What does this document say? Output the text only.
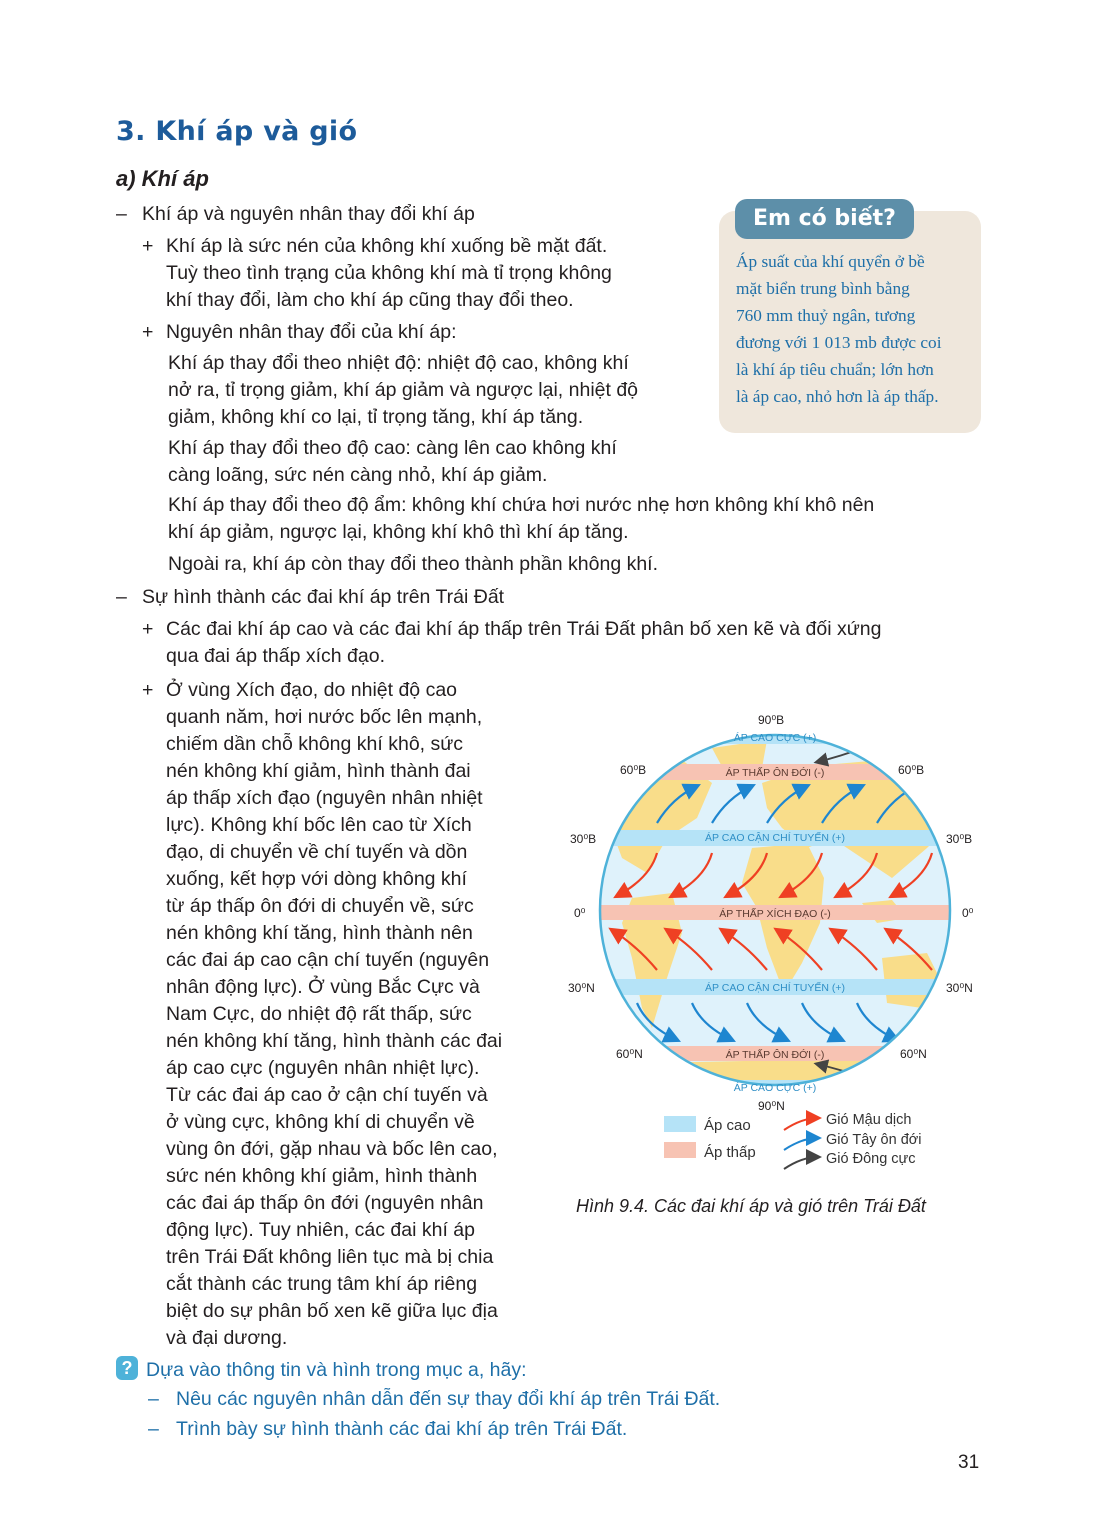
3. Khí áp và gió
a) Khí áp
– Khí áp và nguyên nhân thay đổi khí áp
+ Khí áp là sức nén của không khí xuống bề mặt đất.
Tuỳ theo tình trạng của không khí mà tỉ trọng không
khí thay đổi, làm cho khí áp cũng thay đổi theo.
+ Nguyên nhân thay đổi của khí áp:
Khí áp thay đổi theo nhiệt độ: nhiệt độ cao, không khí
nở ra, tỉ trọng giảm, khí áp giảm và ngược lại, nhiệt độ
giảm, không khí co lại, tỉ trọng tăng, khí áp tăng.
Khí áp thay đổi theo độ cao: càng lên cao không khí
càng loãng, sức nén càng nhỏ, khí áp giảm.
Khí áp thay đổi theo độ ẩm: không khí chứa hơi nước nhẹ hơn không khí khô nên
khí áp giảm, ngược lại, không khí khô thì khí áp tăng.
Ngoài ra, khí áp còn thay đổi theo thành phần không khí.
– Sự hình thành các đai khí áp trên Trái Đất
+ Các đai khí áp cao và các đai khí áp thấp trên Trái Đất phân bố xen kẽ và đối xứng
qua đai áp thấp xích đạo.
+ Ở vùng Xích đạo, do nhiệt độ cao
quanh năm, hơi nước bốc lên mạnh,
chiếm dần chỗ không khí khô, sức
nén không khí giảm, hình thành đai
áp thấp xích đạo (nguyên nhân nhiệt
lực). Không khí bốc lên cao từ Xích
đạo, di chuyển về chí tuyến và dồn
xuống, kết hợp với dòng không khí
từ áp thấp ôn đới di chuyển về, sức
nén không khí tăng, hình thành nên
các đai áp cao cận chí tuyến (nguyên
nhân động lực). Ở vùng Bắc Cực và
Nam Cực, do nhiệt độ rất thấp, sức
nén không khí tăng, hình thành các đai
áp cao cực (nguyên nhân nhiệt lực).
Từ các đai áp cao ở cận chí tuyến và
ở vùng cực, không khí di chuyển về
vùng ôn đới, gặp nhau và bốc lên cao,
sức nén không khí giảm, hình thành
các đai áp thấp ôn đới (nguyên nhân
động lực). Tuy nhiên, các đai khí áp
trên Trái Đất không liên tục mà bị chia
cắt thành các trung tâm khí áp riêng
biệt do sự phân bố xen kẽ giữa lục địa
và đại dương.
Em có biết?
Áp suất của khí quyển ở bề
mặt biển trung bình bằng
760 mm thuỷ ngân, tương
đương với 1 013 mb được coi
là khí áp tiêu chuẩn; lớn hơn
là áp cao, nhỏ hơn là áp thấp.
ÁP CAO CỰC (+)
ÁP CAO CẬN CHÍ TUYẾN (+)
ÁP CAO CẬN CHÍ TUYẾN (+)
ÁP CAO CỰC (+)
ÁP THẤP ÔN ĐỚI (-)
ÁP THẤP XÍCH ĐẠO (-)
ÁP THẤP ÔN ĐỚI (-)
90⁰B
60⁰B	60⁰B
30⁰B	30⁰B
0⁰	0⁰
30⁰N	30⁰N
60⁰N	60⁰N
90⁰N
Áp cao
Áp thấp
Gió Mậu dịch
Gió Tây ôn đới
Gió Đông cực
Hình 9.4. Các đai khí áp và gió trên Trái Đất
? Dựa vào thông tin và hình trong mục a, hãy:
– Nêu các nguyên nhân dẫn đến sự thay đổi khí áp trên Trái Đất.
– Trình bày sự hình thành các đai khí áp trên Trái Đất.
31
